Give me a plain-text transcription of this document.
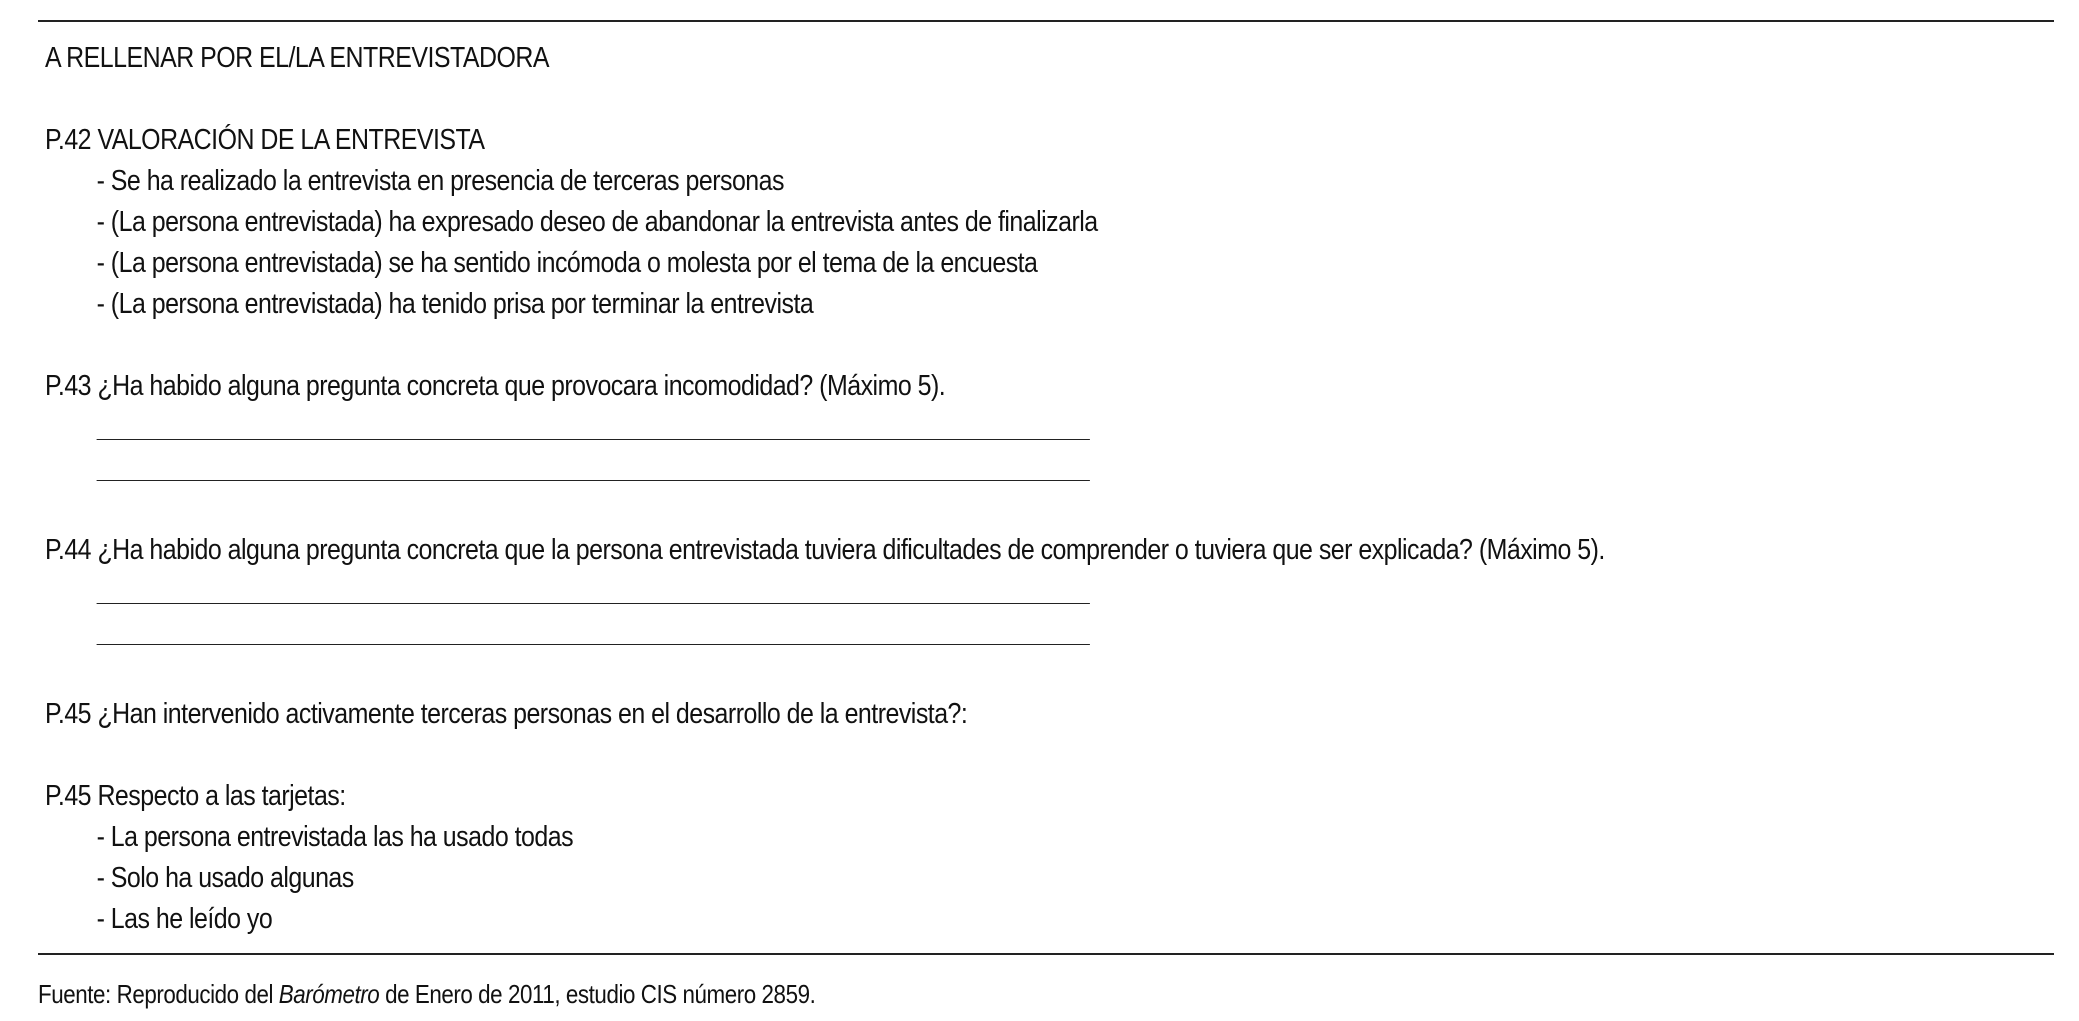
A RELLENAR POR EL/LA ENTREVISTADORA
P.42 VALORACIÓN DE LA ENTREVISTA
- Se ha realizado la entrevista en presencia de terceras personas
- (La persona entrevistada) ha expresado deseo de abandonar la entrevista antes de finalizarla
- (La persona entrevistada) se ha sentido incómoda o molesta por el tema de la encuesta
- (La persona entrevistada) ha tenido prisa por terminar la entrevista
P.43 ¿Ha habido alguna pregunta concreta que provocara incomodidad? (Máximo 5).
P.44 ¿Ha habido alguna pregunta concreta que la persona entrevistada tuviera dificultades de comprender o tuviera que ser explicada? (Máximo 5).
P.45 ¿Han intervenido activamente terceras personas en el desarrollo de la entrevista?:
P.45 Respecto a las tarjetas:
- La persona entrevistada las ha usado todas
- Solo ha usado algunas
- Las he leído yo
Fuente: Reproducido del Barómetro de Enero de 2011, estudio CIS número 2859.
